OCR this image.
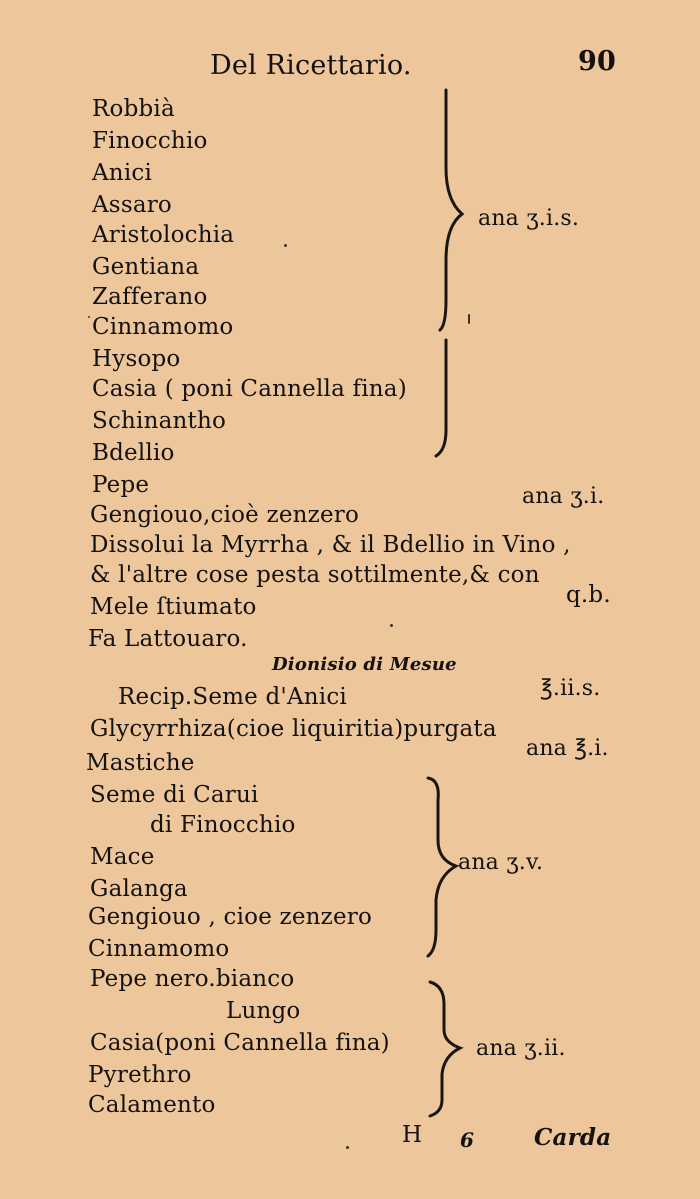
Del Ricettario.	90
Robbià
Finocchio
Anici
Assaro
Aristolochia
Gentiana
Zafferano
Cinnamomo
Hysopo
Casia ( poni Cannella fina)
Schinantho
Bdellio
Pepe
ana ʒ.i.s.
Gengiouo,cioè zenzero
ana ʒ.i.
Dissolui la Myrrha , & il Bdellio in Vino ,
& l'altre cose pesta sottilmente,& con
Mele ſtiumato	q.b.
Fa Lattouaro.
Dionisio di Mesue
Recip.Seme d'Anici	℥.ii.s.
Glycyrrhiza(cioe liquiritia)purgata
Mastiche
ana ℥.i.
Seme di Carui
di Finocchio
Mace
Galanga
Gengiouo , cioe zenzero
Cinnamomo
ana ʒ.v.
Pepe nero.bianco
Lungo
Casia(poni Cannella fina)
Pyrethro
Calamento
ana ʒ.ii.
H 6	Carda
